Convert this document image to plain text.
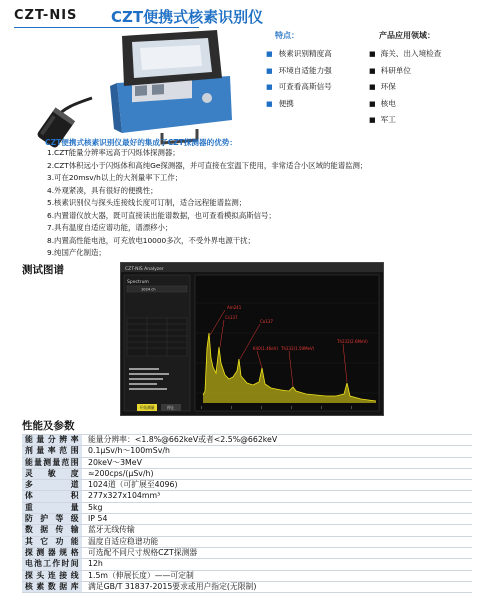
CZT-NIS CZT便携式核素识别仪
特点：
■ 核素识别精度高
■ 环境自适能力强
■ 可查看高斯信号
■ 便携
产品应用领域：
■ 海关、出入境检查
■ 科研单位
■ 环保
■ 核电
■ 军工
CZT便携式核素识别仪最好的集成了CZT探测器的优势：
1.CZT能量分辨率远高于闪烁体探测器；
2.CZT体积远小于闪烁体和高纯Ge探测器，并可直接在室温下使用，非常适合小区域的能谱监测；
3.可在20msv/h以上的大剂量率下工作；
4.外观紧凑，具有很好的便携性；
5.核素识别仪与探头连接线长度可订制，适合远程能谱监测；
6.内置谱仪放大器，既可直接读出能谱数据，也可查看模拟高斯信号；
7.具有温度自适应谱功能，谱漂移小；
8.内置高性能电池，可充放电10000多次，不受外界电源干扰；
9.纯国产化制造；
测试图谱	CZT-NIS Analyzer
Spectrum
1024 ch
开始测量	停止
Am241
Cs137
Co137
K40(1.46eV) Th232(1.59MeV)
Th232(2.6MeV)
性能及参数
能量分辨率	能量分辨率：<1.8%@662keV或者<2.5%@662keV
剂量率范围	0.1μSv/h～100mSv/h
能量测量范围	20keV～3MeV
灵敏度	≈200cps/(μSv/h)
多道	1024道（可扩展至4096)
体积	277x327x104mm³
重量	5kg
防护等级	IP 54
数据传输	蓝牙无线传输
其它功能	温度自适应稳谱功能
探测器规格	可选配不同尺寸规格CZT探测器
电池工作时间	12h
探头连接线	1.5m（伸展长度）——可定制
核素数据库	满足GB/T 31837-2015要求或用户指定(无限制)
